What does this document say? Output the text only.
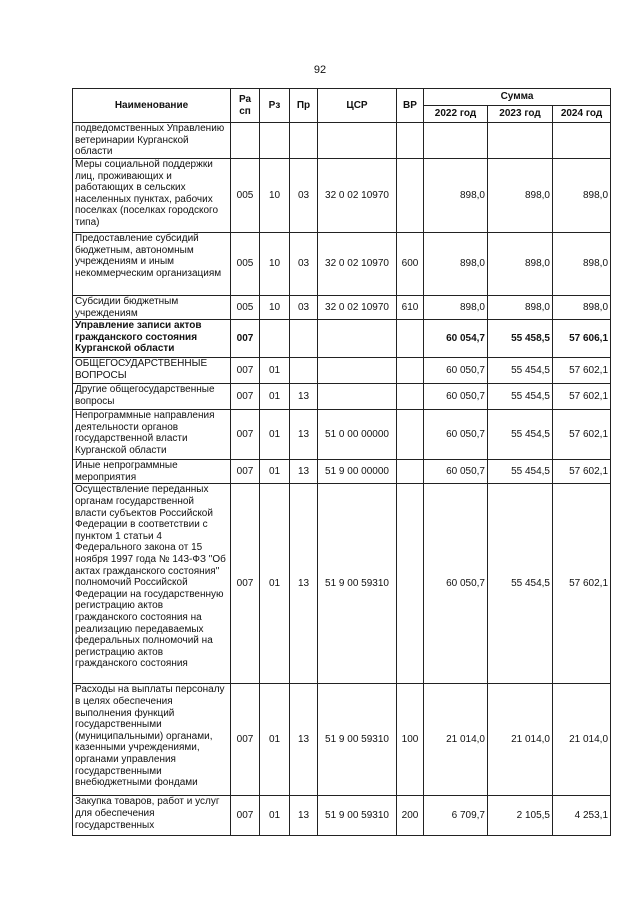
92
Наименование	Ра сп	Рз	Пр	ЦСР	ВР	Сумма		
						2022 год	2023 год	2024 год
подведомственных Управлению ветеринарии Курганской области								
Меры социальной поддержки лиц, проживающих и работающих в сельских населенных пунктах, рабочих поселках (поселках городского типа)	005	10	03	32 0 02 10970		898,0	898,0	898,0
Предоставление субсидий бюджетным, автономным учреждениям и иным некоммерческим организациям	005	10	03	32 0 02 10970	600	898,0	898,0	898,0
Субсидии бюджетным учреждениям	005	10	03	32 0 02 10970	610	898,0	898,0	898,0
Управление записи актов гражданского состояния Курганской области	007					60 054,7	55 458,5	57 606,1
ОБЩЕГОСУДАРСТВЕННЫЕ ВОПРОСЫ	007	01				60 050,7	55 454,5	57 602,1
Другие общегосударственные вопросы	007	01	13			60 050,7	55 454,5	57 602,1
Непрограммные направления деятельности органов государственной власти Курганской области	007	01	13	51 0 00 00000		60 050,7	55 454,5	57 602,1
Иные непрограммные мероприятия	007	01	13	51 9 00 00000		60 050,7	55 454,5	57 602,1
Осуществление переданных органам государственной власти субъектов Российской Федерации в соответствии с пунктом 1 статьи 4 Федерального закона от 15 ноября 1997 года № 143-ФЗ "Об актах гражданского состояния" полномочий Российской Федерации на государственную регистрацию актов гражданского состояния на реализацию передаваемых федеральных полномочий на регистрацию актов гражданского состояния	007	01	13	51 9 00 59310		60 050,7	55 454,5	57 602,1
Расходы на выплаты персоналу в целях обеспечения выполнения функций государственными (муниципальными) органами, казенными учреждениями, органами управления государственными внебюджетными фондами	007	01	13	51 9 00 59310	100	21 014,0	21 014,0	21 014,0
Закупка товаров, работ и услуг для обеспечения государственных	007	01	13	51 9 00 59310	200	6 709,7	2 105,5	4 253,1
